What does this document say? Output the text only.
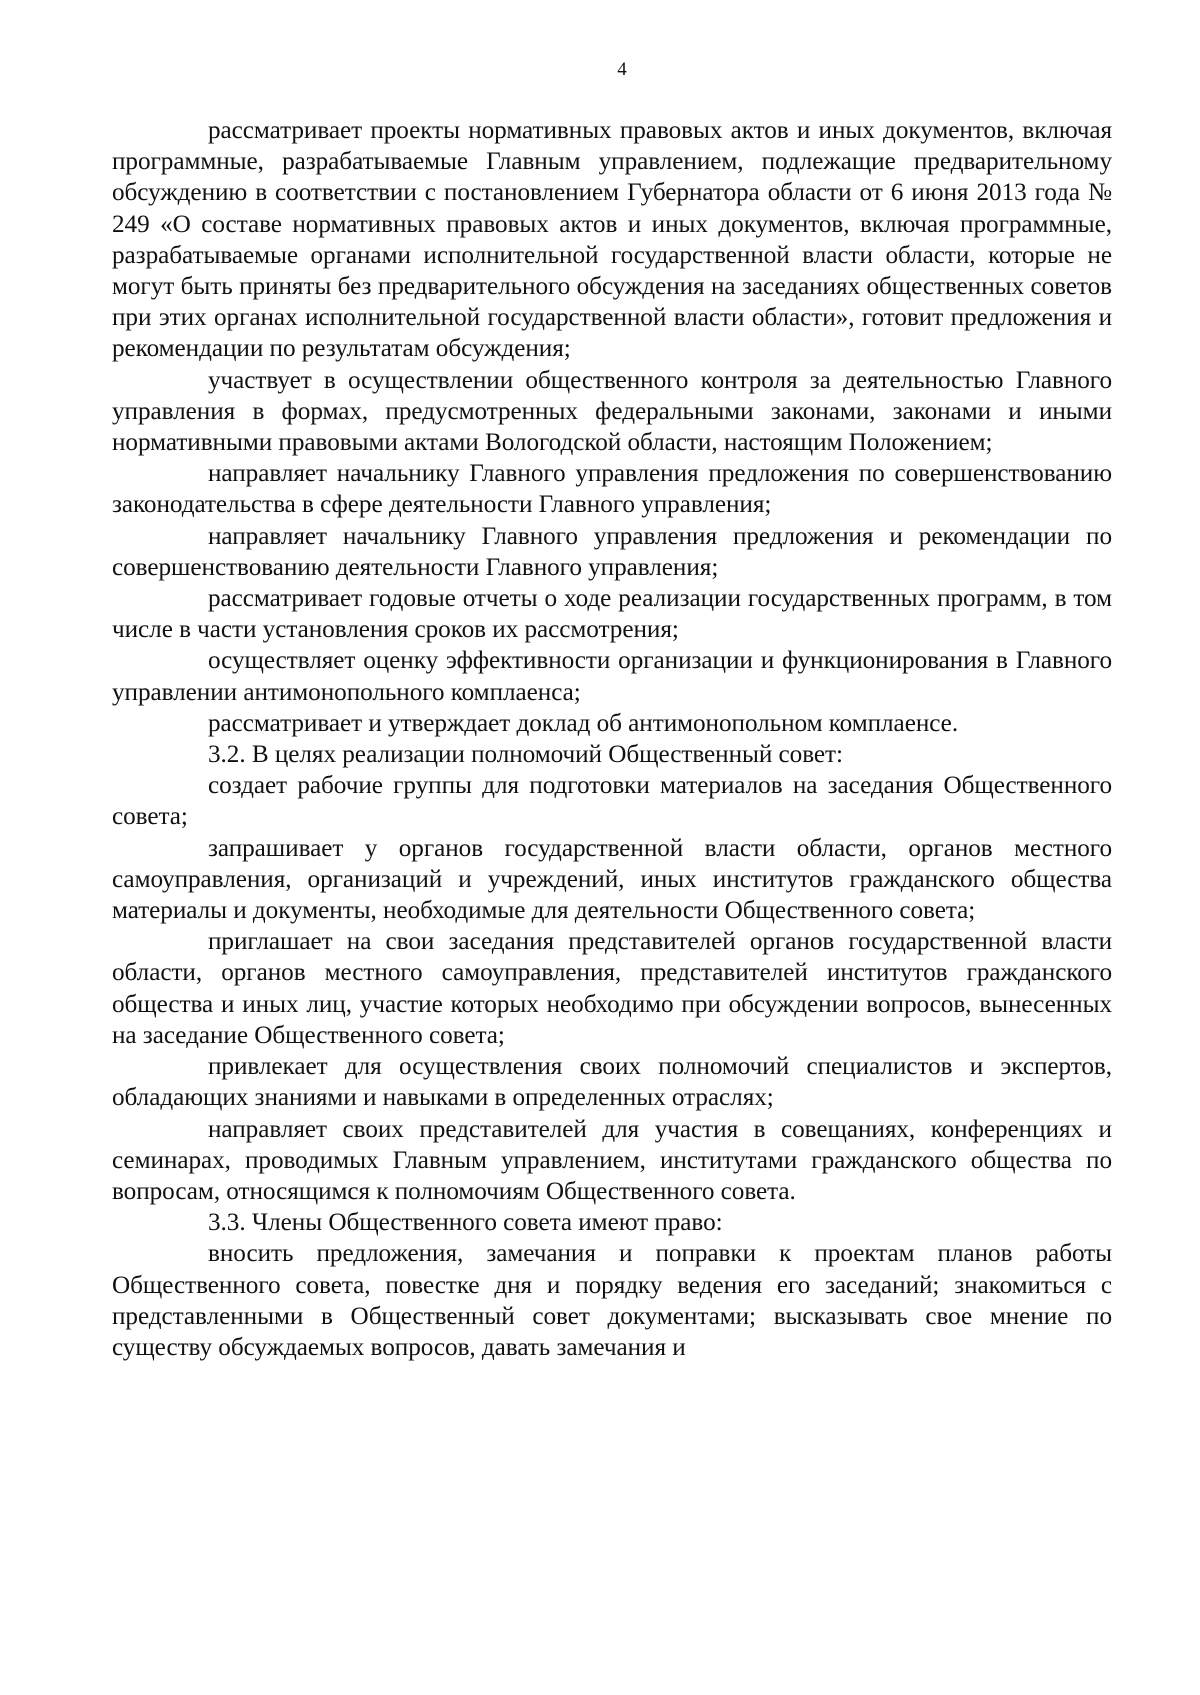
4

рассматривает проекты нормативных правовых актов и иных документов, включая программные, разрабатываемые Главным управлением, подлежащие предварительному обсуждению в соответствии с постановлением Губернатора области от 6 июня 2013 года № 249 «О составе нормативных правовых актов и иных документов, включая программные, разрабатываемые органами исполнительной государственной власти области, которые не могут быть приняты без предварительного обсуждения на заседаниях общественных советов при этих органах исполнительной государственной власти области», готовит предложения и рекомендации по результатам обсуждения;

участвует в осуществлении общественного контроля за деятельностью Главного управления в формах, предусмотренных федеральными законами, законами и иными нормативными правовыми актами Вологодской области, настоящим Положением;

направляет начальнику Главного управления предложения по совершенствованию законодательства в сфере деятельности Главного управления;

направляет начальнику Главного управления предложения и рекомендации по совершенствованию деятельности Главного управления;

рассматривает годовые отчеты о ходе реализации государственных программ, в том числе в части установления сроков их рассмотрения;

осуществляет оценку эффективности организации и функционирования в Главного управлении антимонопольного комплаенса;

рассматривает и утверждает доклад об антимонопольном комплаенсе.

3.2. В целях реализации полномочий Общественный совет:

создает рабочие группы для подготовки материалов на заседания Общественного совета;

запрашивает у органов государственной власти области, органов местного самоуправления, организаций и учреждений, иных институтов гражданского общества материалы и документы, необходимые для деятельности Общественного совета;

приглашает на свои заседания представителей органов государственной власти области, органов местного самоуправления, представителей институтов гражданского общества и иных лиц, участие которых необходимо при обсуждении вопросов, вынесенных на заседание Общественного совета;

привлекает для осуществления своих полномочий специалистов и экспертов, обладающих знаниями и навыками в определенных отраслях;

направляет своих представителей для участия в совещаниях, конференциях и семинарах, проводимых Главным управлением, институтами гражданского общества по вопросам, относящимся к полномочиям Общественного совета.

3.3. Члены Общественного совета имеют право:

вносить предложения, замечания и поправки к проектам планов работы Общественного совета, повестке дня и порядку ведения его заседаний; знакомиться с представленными в Общественный совет документами; высказывать свое мнение по существу обсуждаемых вопросов, давать замечания и
